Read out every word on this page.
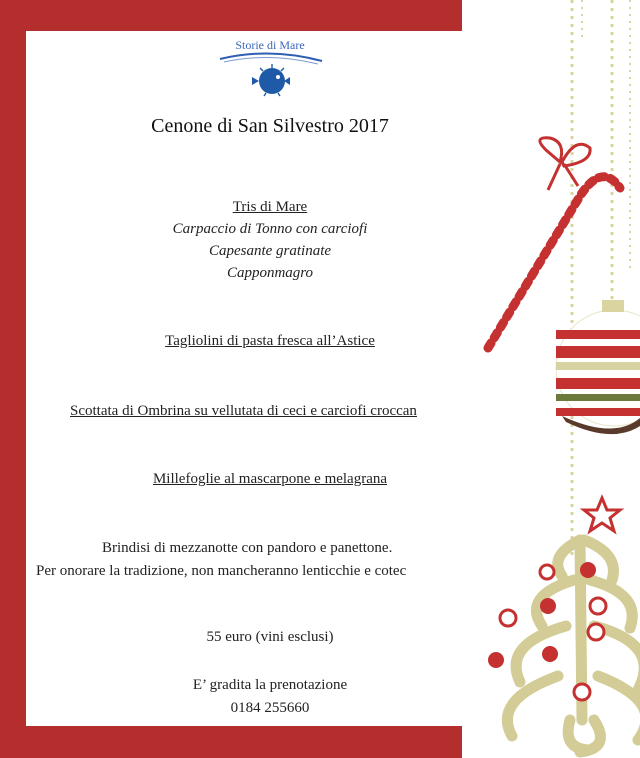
Storie di Mare
Cenone di San Silvestro 2017
Tris di Mare
Carpaccio di Tonno con carciofi
Capesante gratinate
Capponmagro
Tagliolini di pasta fresca all’Astice
Scottata di Ombrina su vellutata di ceci e carciofi croccan
Millefoglie al mascarpone e melagrana
Brindisi di mezzanotte con pandoro e panettone.
Per onorare la tradizione, non mancheranno lenticchie e cotec
55 euro (vini esclusi)
E’ gradita la prenotazione
0184 255660
